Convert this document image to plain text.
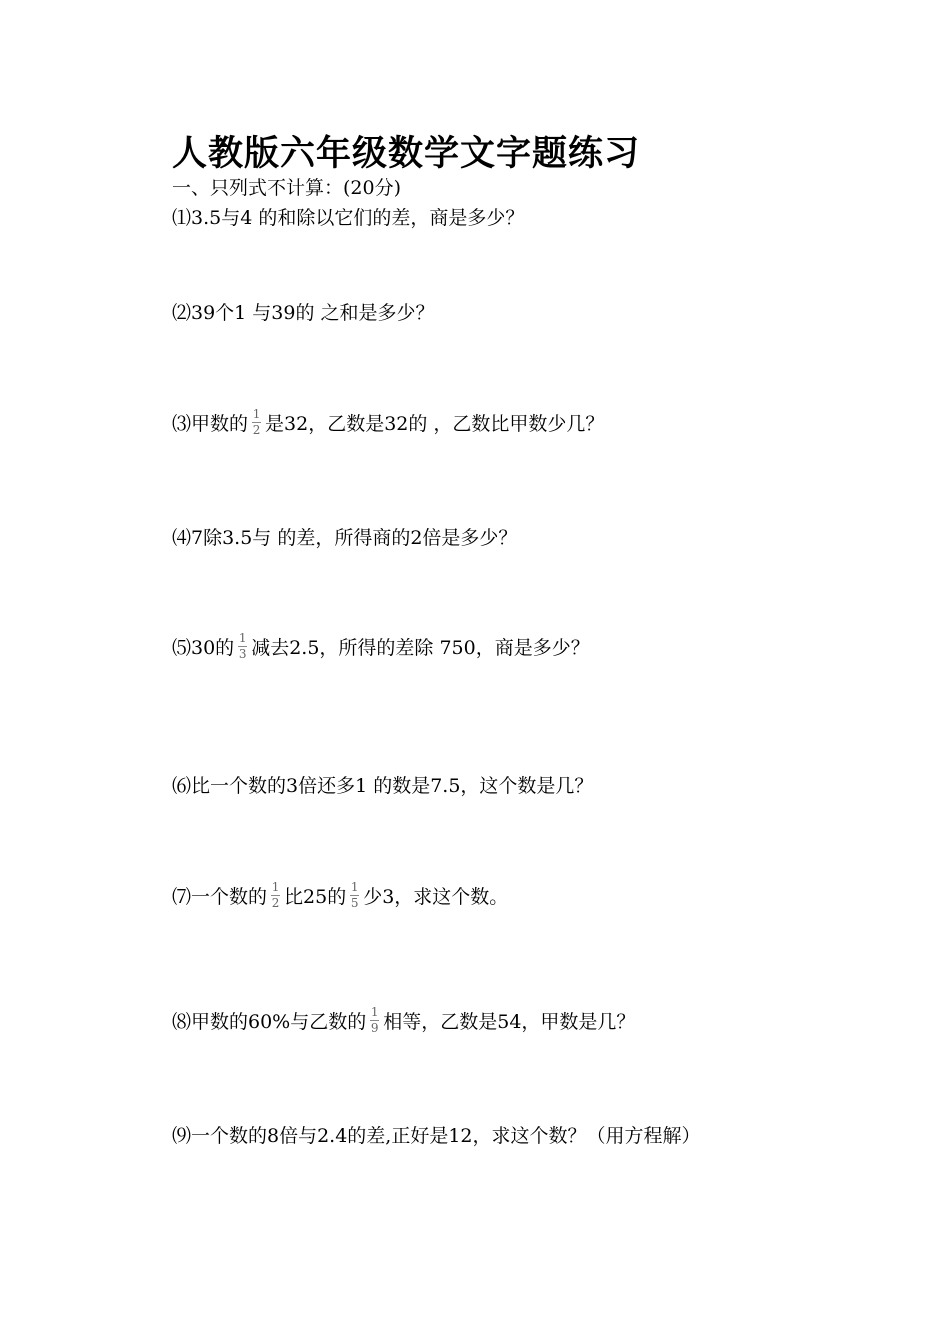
人教版六年级数学文字题练习
一、只列式不计算：(20分)
⑴3.5与4 的和除以它们的差，商是多少？
⑵39个1 与39的 之和是多少？
⑶甲数的 $\frac{1}{2}$ 是32，乙数是32的 ，乙数比甲数少几？
⑷7除3.5与 的差，所得商的2倍是多少？
⑸30的 $\frac{1}{3}$ 减去2.5，所得的差除 750，商是多少？
⑹比一个数的3倍还多1 的数是7.5，这个数是几？
⑺一个数的 $\frac{1}{2}$ 比25的 $\frac{1}{5}$ 少3，求这个数。
⑻甲数的60%与乙数的 $\frac{1}{9}$ 相等，乙数是54，甲数是几？
⑼一个数的8倍与2.4的差,正好是12，求这个数？（用方程解）
